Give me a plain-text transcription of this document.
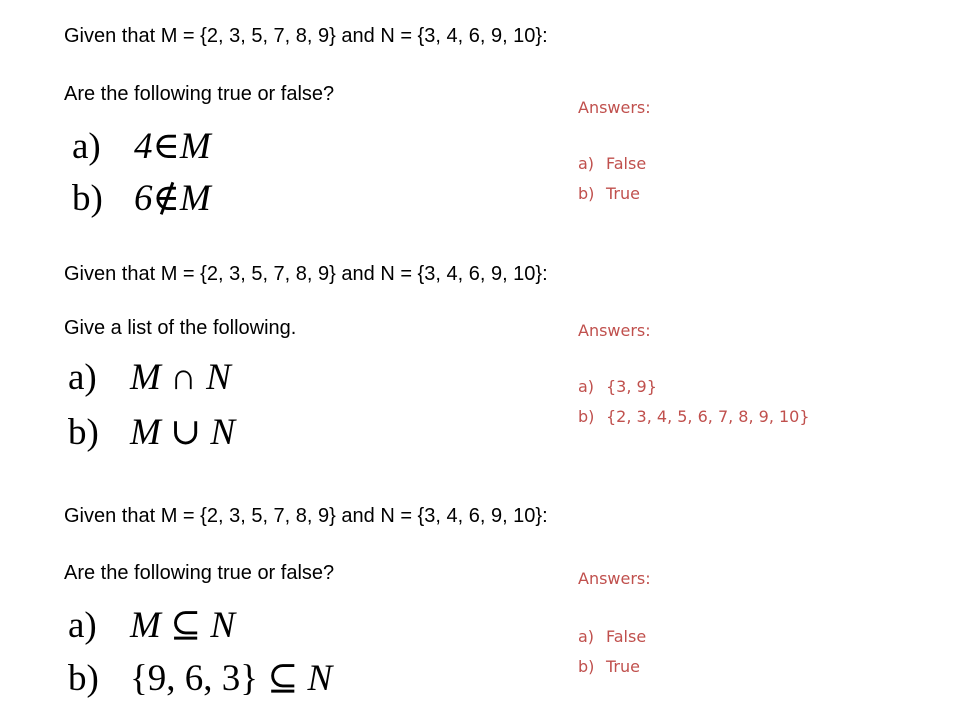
Given that M = {2, 3, 5, 7, 8, 9} and N = {3, 4, 6, 9, 10}:
Are the following true or false?
a) 4∈M
b) 6∉M
Answers:
a) False
b) True
Given that M = {2, 3, 5, 7, 8, 9} and N = {3, 4, 6, 9, 10}:
Give a list of the following.
a) M ∩ N
b) M ∪ N
Answers:
a) {3, 9}
b) {2, 3, 4, 5, 6, 7, 8, 9, 10}
Given that M = {2, 3, 5, 7, 8, 9} and N = {3, 4, 6, 9, 10}:
Are the following true or false?
a) M ⊆ N
b) {9, 6, 3} ⊆ N
Answers:
a) False
b) True
